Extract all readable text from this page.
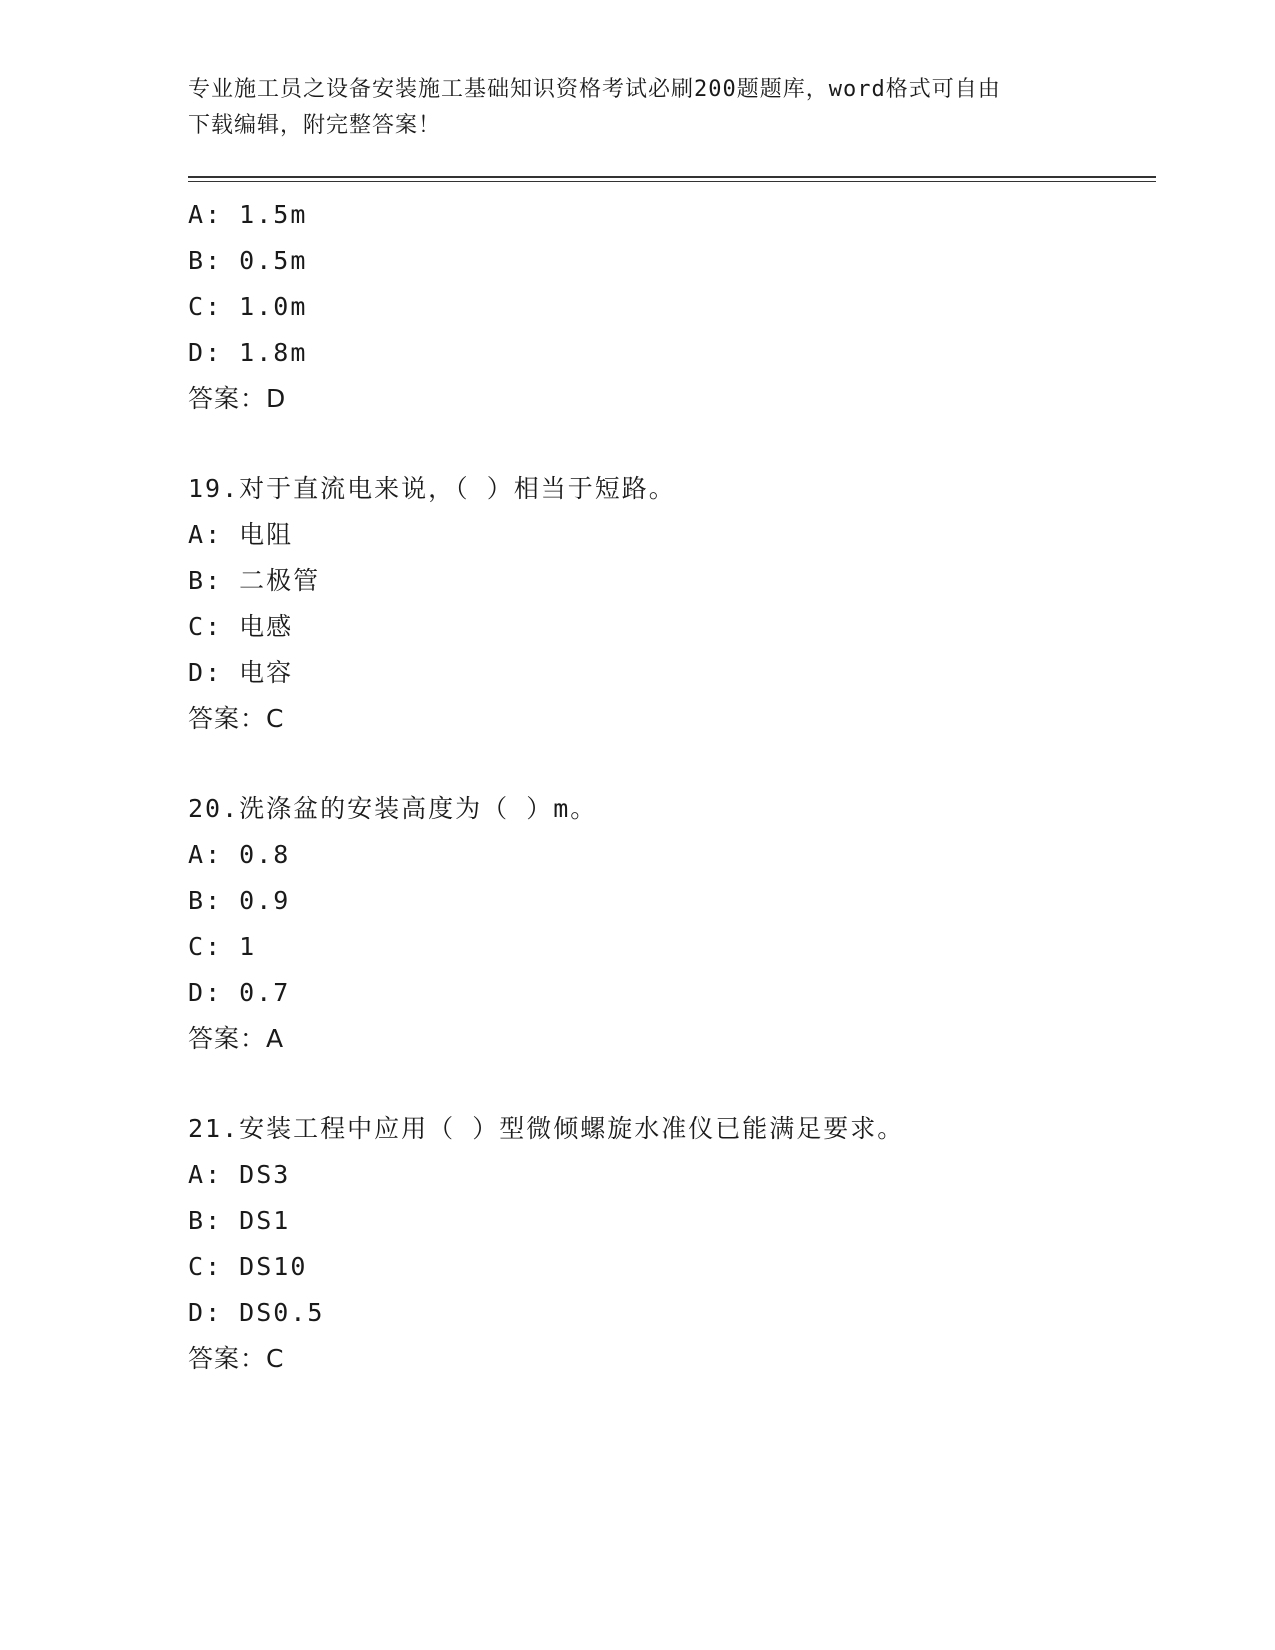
专业施工员之设备安装施工基础知识资格考试必刷200题题库，word格式可自由
下载编辑，附完整答案！
A: 1.5m
B: 0.5m
C: 1.0m
D: 1.8m
答案：D
19.对于直流电来说，（ ）相当于短路。
A: 电阻
B: 二极管
C: 电感
D: 电容
答案：C
20.洗涤盆的安装高度为（ ）m。
A: 0.8
B: 0.9
C: 1
D: 0.7
答案：A
21.安装工程中应用（ ）型微倾螺旋水准仪已能满足要求。
A: DS3
B: DS1
C: DS10
D: DS0.5
答案：C
